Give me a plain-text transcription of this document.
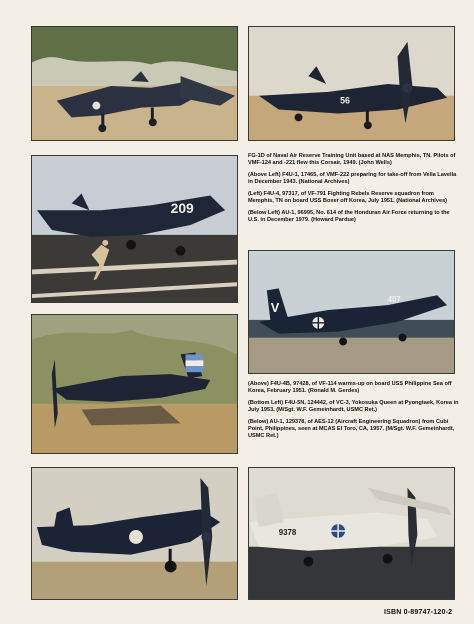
56
209

FG-1D of Naval Air Reserve Training Unit based at NAS Memphis, TN. Pilots of VMF-124 and -221 flew this Corsair, 1949. (John Wells)

(Above Left) F4U-1, 17465, of VMF-222 preparing for take-off from Vella Lavella in December 1943. (National Archives)

(Left) F4U-4, 97317, of VF-791 Fighting Rebels Reserve squadron from Memphis, TN on board USS Boxer off Korea, July 1951. (National Archives)

(Below Left) AU-1, 96995, No. 614 of the Honduran Air Force returning to the U.S. in December 1979. (Howard Pardue)

V
407

(Above) F4U-4B, 97428, of VF-114 warms-up on board USS Philippine Sea off Korea, February 1951. (Ronald M. Gerdes)

(Bottom Left) F4U-5N, 124442, of VC-3, Yokosuka Queen at Pyongtaek, Korea in July 1953. (M/Sgt. W.F. Gemeinhardt, USMC Ret.)

(Below) AU-1, 129378, of AES-12 (Aircraft Engineering Squadron) from Cubi Point, Philippines, seen at MCAS El Toro, CA, 1957. (M/Sgt. W.F. Gemeinhardt, USMC Ret.)

9378
ISBN 0-89747-120-2
